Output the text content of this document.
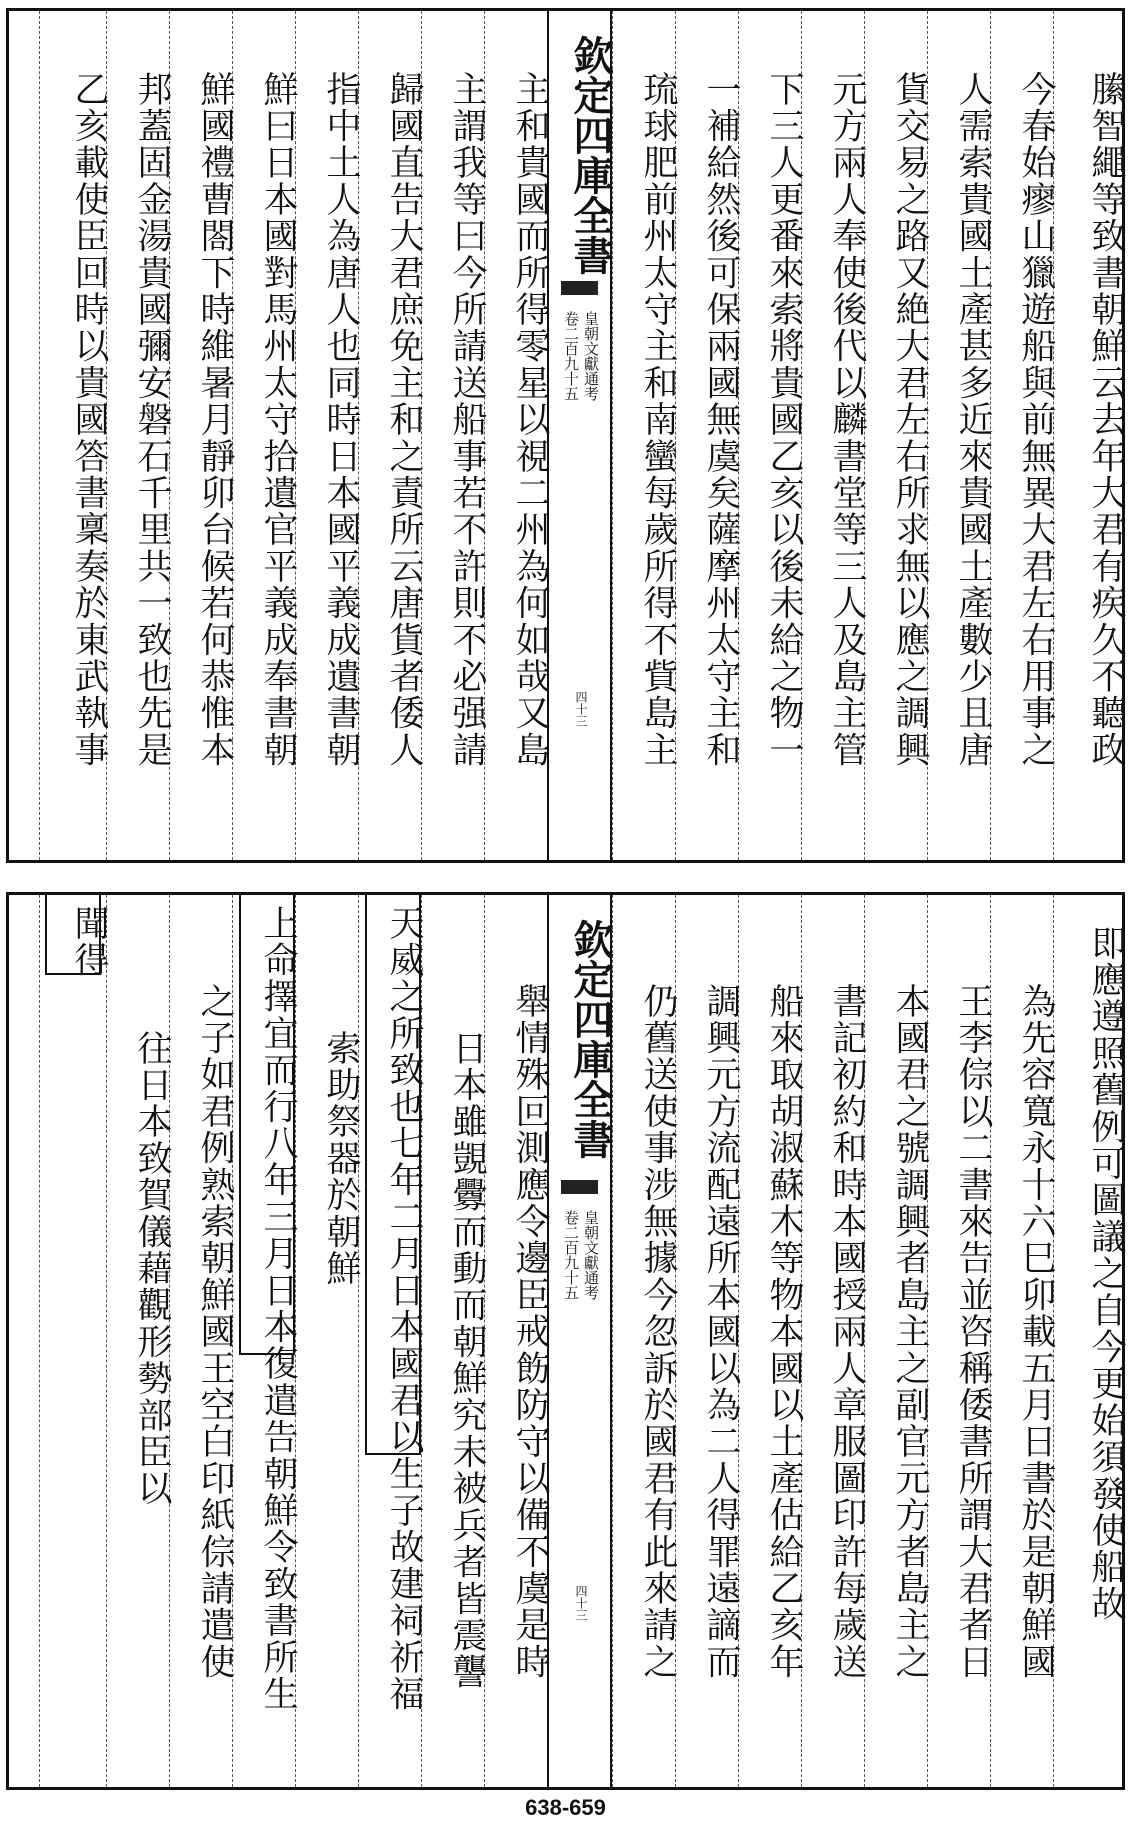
縢智繩等致書朝鮮云去年大君有疾久不聽政
今春始瘳山獵遊船與前無異大君左右用事之
人需索貴國土產甚多近來貴國土產數少且唐
貨交易之路又絶大君左右所求無以應之調興
元方兩人奉使後代以麟書堂等三人及島主管
下三人更番來索將貴國乙亥以後未給之物一
一補給然後可保兩國無虞矣薩摩州太守主和
琉球肥前州太守主和南蠻每歲所得不貲島主
欽定四庫全書
皇朝文獻通考
卷二百九十五
四十三
主和貴國而所得零星以視二州為何如哉又島
主謂我等曰今所請送船事若不許則不必强請
歸國直告大君庶免主和之責所云唐貨者倭人
指中土人為唐人也同時日本國平義成遺書朝
鮮曰日本國對馬州太守拾遺官平義成奉書朝
鮮國禮曹閤下時維暑月靜卯台候若何恭惟本
邦蓋固金湯貴國彌安磐石千里共一致也先是
乙亥載使臣回時以貴國答書稟奏於東武執事
即應遵照舊例可圖議之自今更始須發使船故
為先容寬永十六巳卯載五月日書於是朝鮮國
王李倧以二書來告並咨稱倭書所謂大君者日
本國君之號調興者島主之副官元方者島主之
書記初約和時本國授兩人章服圖印許每歲送
船來取胡淑蘇木等物本國以土產估給乙亥年
調興元方流配遠所本國以為二人得罪遠謫而
仍舊送使事涉無據今忽訴於國君有此來請之
欽定四庫全書
皇朝文獻通考
卷二百九十五
四十三
舉情殊叵測應令邊臣戒飭防守以備不虞是時
日本雖覬釁而動而朝鮮究未被兵者皆震讋
天威之所致也七年二月日本國君以生子故建祠祈福
索助祭器於朝鮮
上命擇宜而行八年三月日本復遣告朝鮮令致書所生
之子如君例熟索朝鮮國王空白印紙倧請遣使
往日本致賀儀藉觀形勢部臣以
聞得
638-659
